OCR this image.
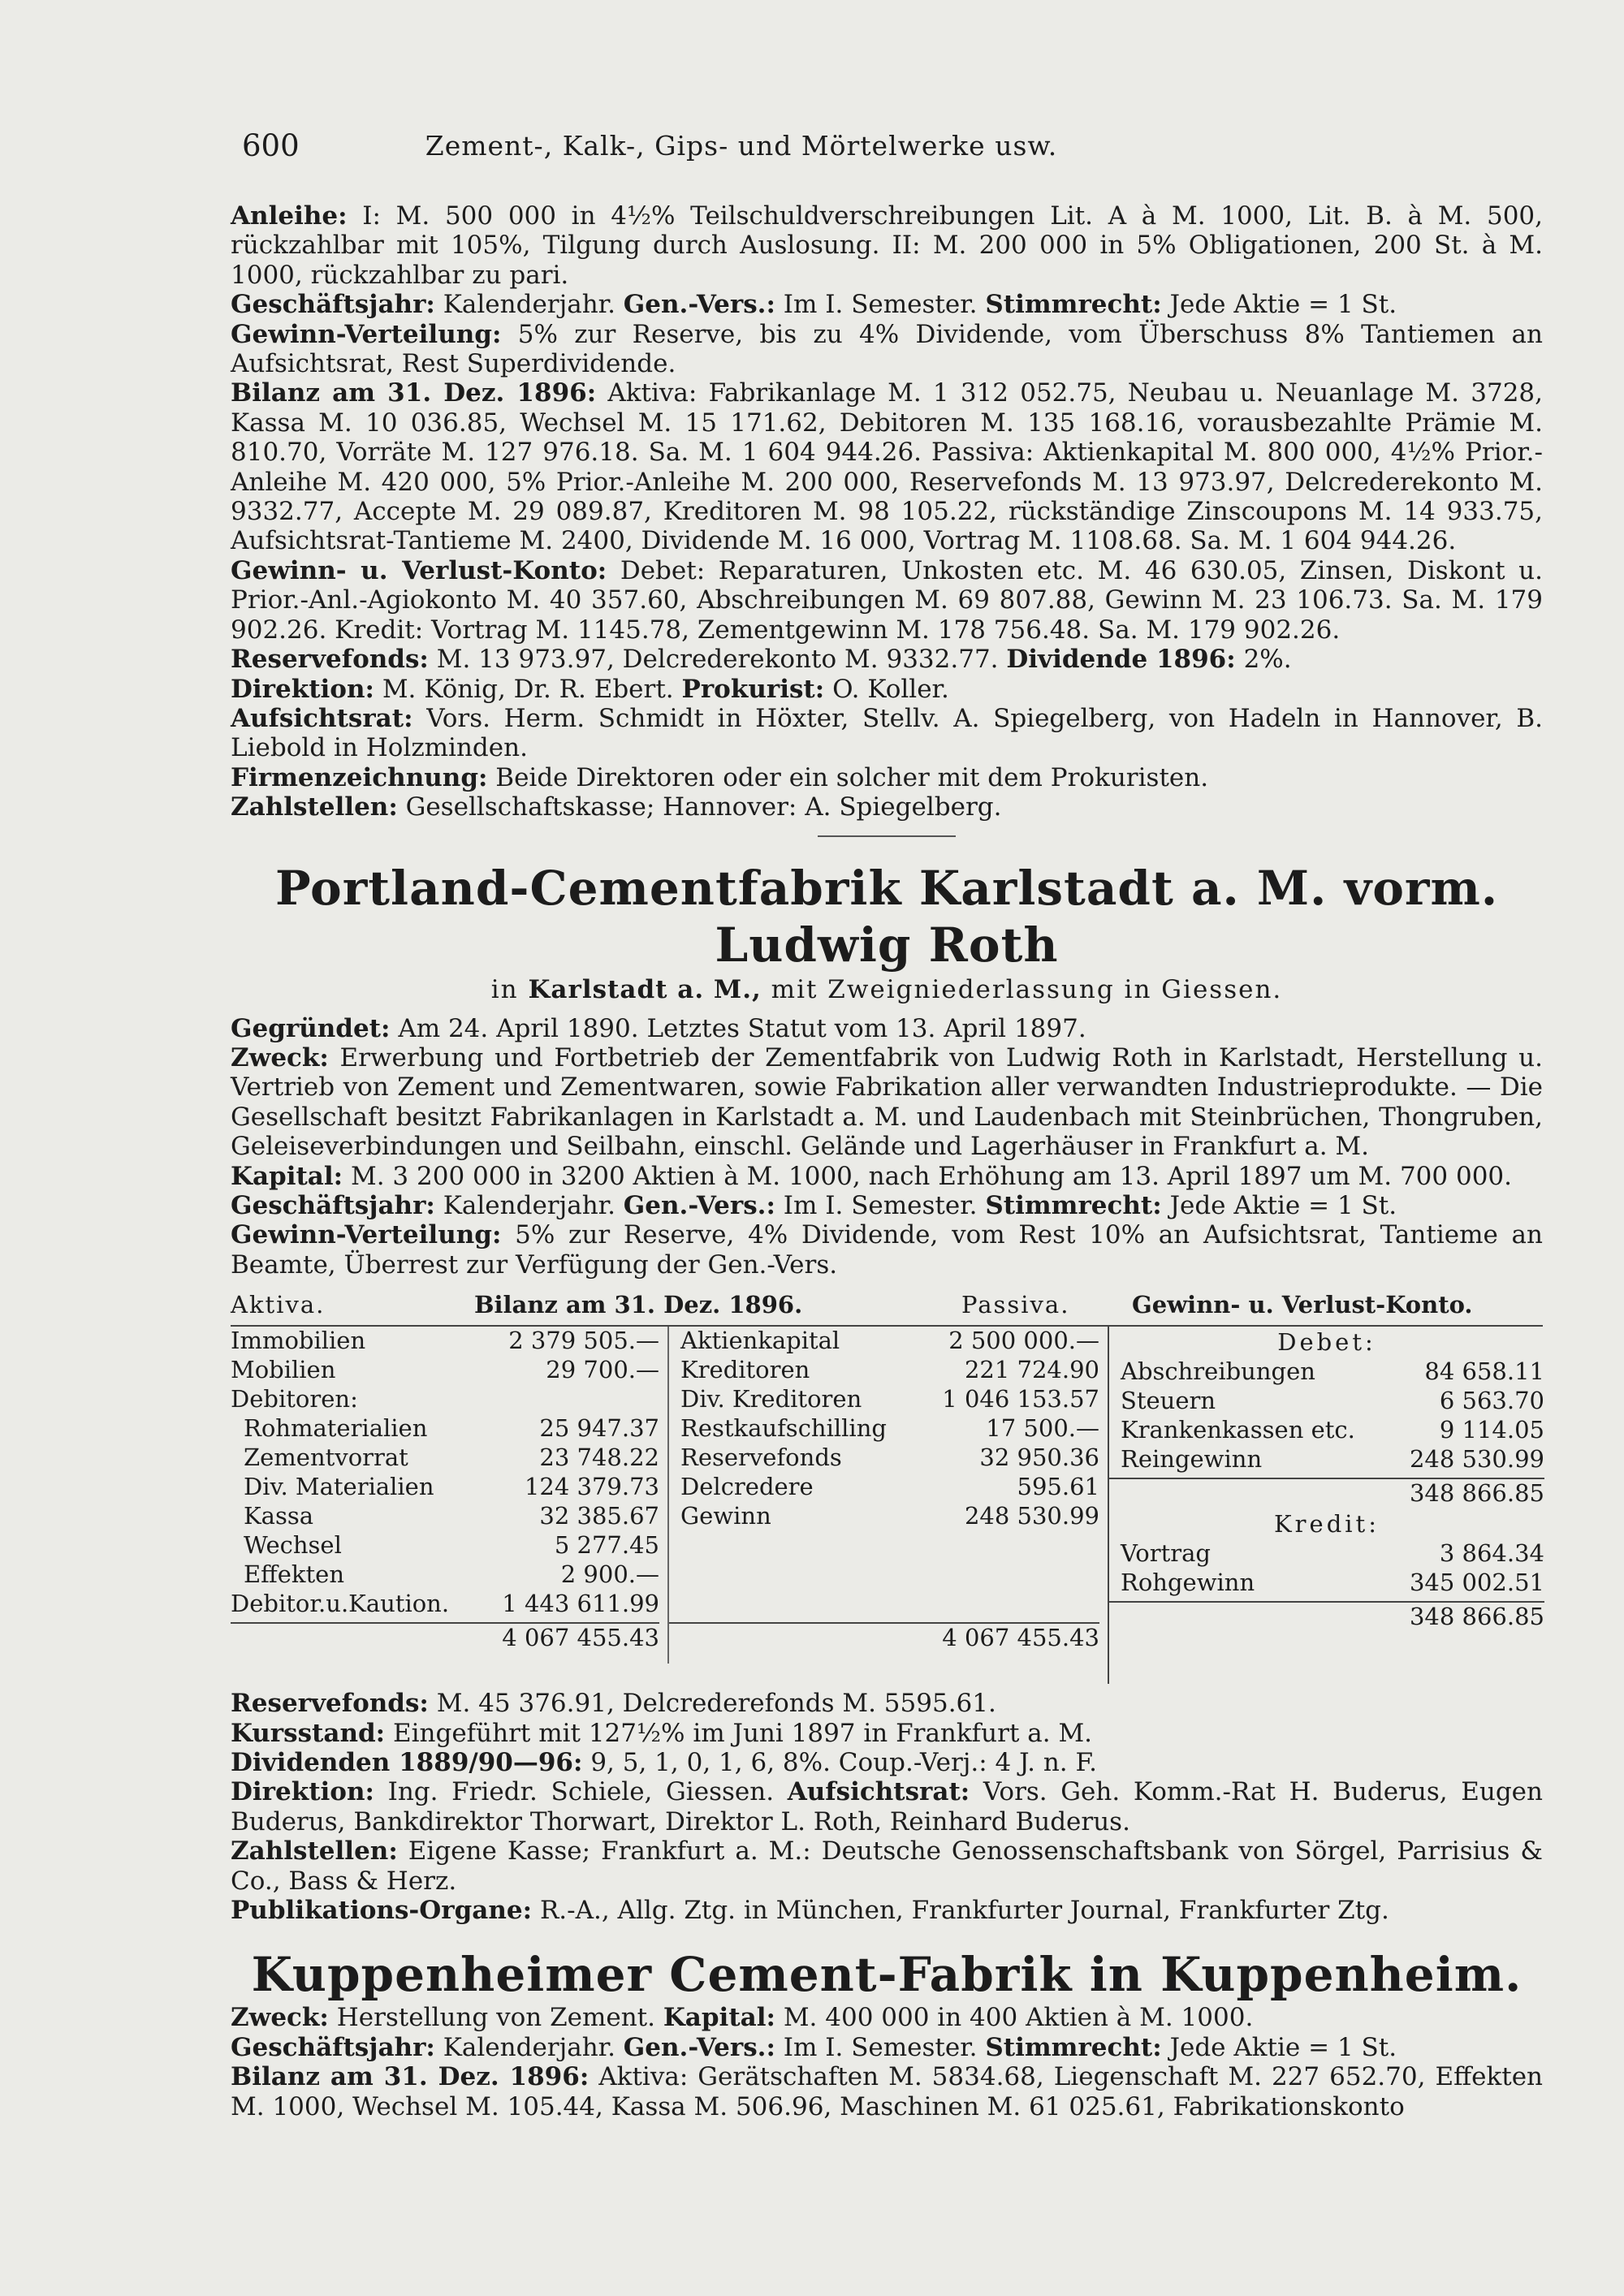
600	Zement-, Kalk-, Gips- und Mörtelwerke usw.

Anleihe: I: M. 500 000 in 4½% Teilschuldverschreibungen Lit. A à M. 1000, Lit. B. à M. 500, rückzahlbar mit 105%, Tilgung durch Auslosung. II: M. 200 000 in 5% Obligationen, 200 St. à M. 1000, rückzahlbar zu pari.

Geschäftsjahr: Kalenderjahr. Gen.-Vers.: Im I. Semester. Stimmrecht: Jede Aktie = 1 St.

Gewinn-Verteilung: 5% zur Reserve, bis zu 4% Dividende, vom Überschuss 8% Tantiemen an Aufsichtsrat, Rest Superdividende.

Bilanz am 31. Dez. 1896: Aktiva: Fabrikanlage M. 1 312 052.75, Neubau u. Neuanlage M. 3728, Kassa M. 10 036.85, Wechsel M. 15 171.62, Debitoren M. 135 168.16, vorausbezahlte Prämie M. 810.70, Vorräte M. 127 976.18. Sa. M. 1 604 944.26. Passiva: Aktienkapital M. 800 000, 4½% Prior.-Anleihe M. 420 000, 5% Prior.-Anleihe M. 200 000, Reservefonds M. 13 973.97, Delcrederekonto M. 9332.77, Accepte M. 29 089.87, Kreditoren M. 98 105.22, rückständige Zinscoupons M. 14 933.75, Aufsichtsrat-Tantieme M. 2400, Dividende M. 16 000, Vortrag M. 1108.68. Sa. M. 1 604 944.26.

Gewinn- u. Verlust-Konto: Debet: Reparaturen, Unkosten etc. M. 46 630.05, Zinsen, Diskont u. Prior.-Anl.-Agiokonto M. 40 357.60, Abschreibungen M. 69 807.88, Gewinn M. 23 106.73. Sa. M. 179 902.26. Kredit: Vortrag M. 1145.78, Zementgewinn M. 178 756.48. Sa. M. 179 902.26.

Reservefonds: M. 13 973.97, Delcrederekonto M. 9332.77. Dividende 1896: 2%.

Direktion: M. König, Dr. R. Ebert. Prokurist: O. Koller.

Aufsichtsrat: Vors. Herm. Schmidt in Höxter, Stellv. A. Spiegelberg, von Hadeln in Hannover, B. Liebold in Holzminden.

Firmenzeichnung: Beide Direktoren oder ein solcher mit dem Prokuristen.

Zahlstellen: Gesellschaftskasse; Hannover: A. Spiegelberg.

Portland-Cementfabrik Karlstadt a. M. vorm. Ludwig Roth

in Karlstadt a. M., mit Zweigniederlassung in Giessen.

Gegründet: Am 24. April 1890. Letztes Statut vom 13. April 1897.

Zweck: Erwerbung und Fortbetrieb der Zementfabrik von Ludwig Roth in Karlstadt, Herstellung u. Vertrieb von Zement und Zementwaren, sowie Fabrikation aller verwandten Industrieprodukte. — Die Gesellschaft besitzt Fabrikanlagen in Karlstadt a. M. und Laudenbach mit Steinbrüchen, Thongruben, Geleiseverbindungen und Seilbahn, einschl. Gelände und Lagerhäuser in Frankfurt a. M.

Kapital: M. 3 200 000 in 3200 Aktien à M. 1000, nach Erhöhung am 13. April 1897 um M. 700 000.

Geschäftsjahr: Kalenderjahr. Gen.-Vers.: Im I. Semester. Stimmrecht: Jede Aktie = 1 St.

Gewinn-Verteilung: 5% zur Reserve, 4% Dividende, vom Rest 10% an Aufsichtsrat, Tantieme an Beamte, Überrest zur Verfügung der Gen.-Vers.

Aktiva.	Bilanz am 31. Dez. 1896.	Passiva.	Gewinn- u. Verlust-Konto.
Immobilien	2 379 505.—
Mobilien	29 700.—
Debitoren:
Rohmaterialien	25 947.37
Zementvorrat	23 748.22
Div. Materialien	124 379.73
Kassa	32 385.67
Wechsel	5 277.45
Effekten	2 900.—
Debitor.u.Kaution. 1 443 611.99
4 067 455.43
Aktienkapital	2 500 000.—
Kreditoren	221 724.90
Div. Kreditoren	1 046 153.57
Restkaufschilling	17 500.—
Reservefonds	32 950.36
Delcredere	595.61
Gewinn	248 530.99
4 067 455.43
Debet:
Abschreibungen	84 658.11
Steuern	6 563.70
Krankenkassen etc.	9 114.05
Reingewinn	248 530.99
348 866.85
Kredit:
Vortrag	3 864.34
Rohgewinn	345 002.51
348 866.85

Reservefonds: M. 45 376.91, Delcrederefonds M. 5595.61.

Kursstand: Eingeführt mit 127½% im Juni 1897 in Frankfurt a. M.

Dividenden 1889/90—96: 9, 5, 1, 0, 1, 6, 8%. Coup.-Verj.: 4 J. n. F.

Direktion: Ing. Friedr. Schiele, Giessen. Aufsichtsrat: Vors. Geh. Komm.-Rat H. Buderus, Eugen Buderus, Bankdirektor Thorwart, Direktor L. Roth, Reinhard Buderus.

Zahlstellen: Eigene Kasse; Frankfurt a. M.: Deutsche Genossenschaftsbank von Sörgel, Parrisius & Co., Bass & Herz.

Publikations-Organe: R.-A., Allg. Ztg. in München, Frankfurter Journal, Frankfurter Ztg.

Kuppenheimer Cement-Fabrik in Kuppenheim.

Zweck: Herstellung von Zement. Kapital: M. 400 000 in 400 Aktien à M. 1000.

Geschäftsjahr: Kalenderjahr. Gen.-Vers.: Im I. Semester. Stimmrecht: Jede Aktie = 1 St.

Bilanz am 31. Dez. 1896: Aktiva: Gerätschaften M. 5834.68, Liegenschaft M. 227 652.70, Effekten M. 1000, Wechsel M. 105.44, Kassa M. 506.96, Maschinen M. 61 025.61, Fabrikationskonto
